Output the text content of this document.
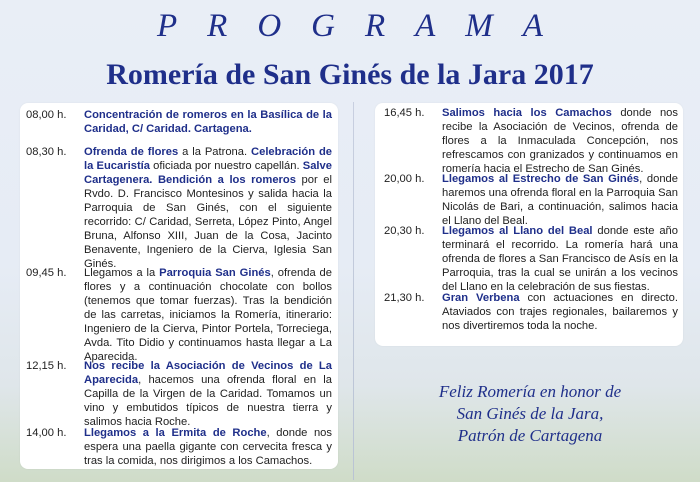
PROGRAMA
Romería de San Ginés de la Jara 2017
08,00 h.	Concentración de romeros en la Basílica de la Caridad, C/ Caridad. Cartagena.
08,30 h.	Ofrenda de flores a la Patrona. Celebración de la Eucaristía oficiada por nuestro capellán. Salve Cartagenera. Bendición a los romeros por el Rvdo. D. Francisco Montesinos y salida hacia la Parroquia de San Ginés, con el siguiente recorrido: C/ Caridad, Serreta, López Pinto, Angel Bruna, Alfonso XIII, Juan de la Cosa, Jacinto Benavente, Ingeniero de la Cierva, Iglesia San Ginés.
09,45 h.	Llegamos a la Parroquia San Ginés, ofrenda de flores y a continuación chocolate con bollos (tenemos que tomar fuerzas). Tras la bendición de las carretas, iniciamos la Romería, itinerario: Ingeniero de la Cierva, Pintor Portela, Torreciega, Avda. Tito Didio y continuamos hasta llegar a La Aparecida.
12,15 h.	Nos recibe la Asociación de Vecinos de La Aparecida, hacemos una ofrenda floral en la Capilla de la Virgen de la Caridad. Tomamos un vino y embutidos típicos de nuestra tierra y salimos hacia Roche.
14,00 h.	Llegamos a la Ermita de Roche, donde nos espera una paella gigante con cervecita fresca y tras la comida, nos dirigimos a los Camachos.
16,45 h.	Salimos hacia los Camachos donde nos recibe la Asociación de Vecinos, ofrenda de flores a la Inmaculada Concepción, nos refrescamos con granizados y continuamos en romería hacia el Estrecho de San Ginés.
20,00 h.	Llegamos al Estrecho de San Ginés, donde haremos una ofrenda floral en la Parroquia San Nicolás de Bari, a continuación, salimos hacia el Llano del Beal.
20,30 h.	Llegamos al Llano del Beal donde este año terminará el recorrido. La romería hará una ofrenda de flores a San Francisco de Asís en la Parroquia, tras la cual se unirán a los vecinos del Llano en la celebración de sus fiestas.
21,30 h.	Gran Verbena con actuaciones en directo. Ataviados con trajes regionales, bailaremos y nos divertiremos toda la noche.
Feliz Romería en honor de
San Ginés de la Jara,
Patrón de Cartagena
